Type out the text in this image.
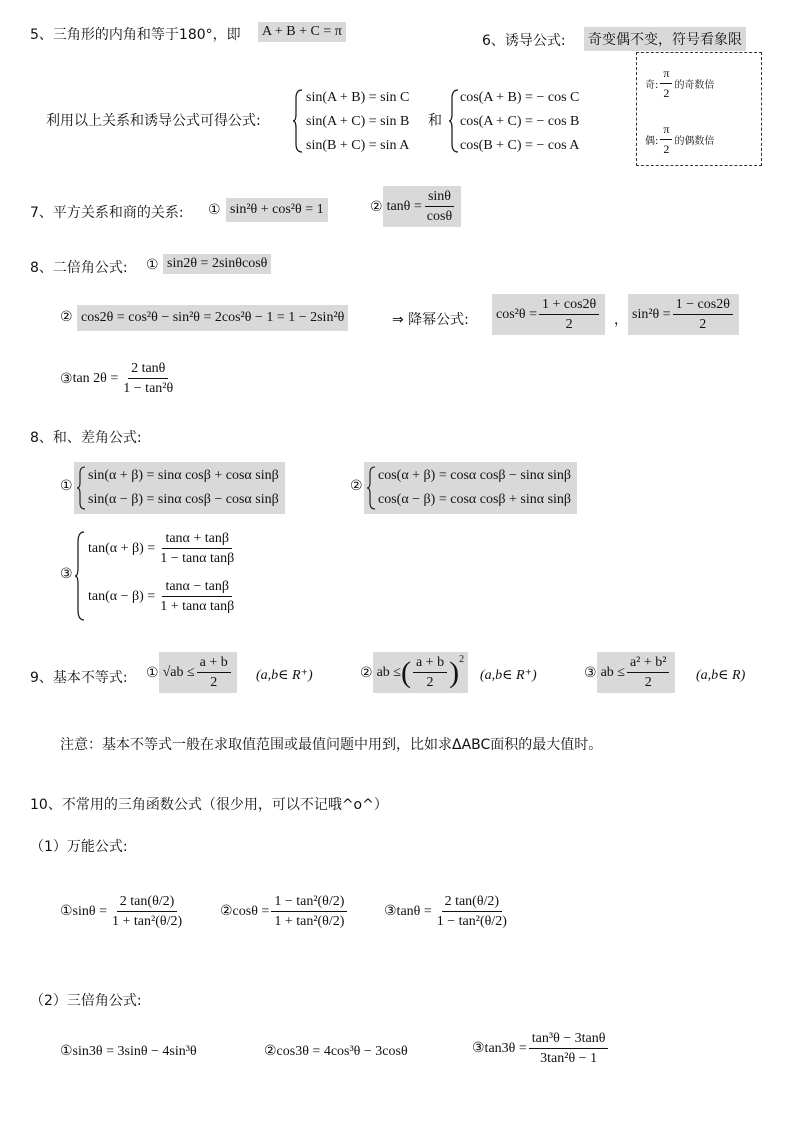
5、三角形的内角和等于180°，即 A + B + C = π
利用以上关系和诱导公式可得公式:
sin(A + B) = sin C
sin(A + C) = sin B
sin(B + C) = sin A
和
cos(A + B) = − cos C
cos(A + C) = − cos B
cos(B + C) = − cos A
6、诱导公式: 奇变偶不变，符号看象限
奇: $\frac{\pi}{2}$ 的奇数倍
偶: $\frac{\pi}{2}$ 的偶数倍
7、平方关系和商的关系: ① sin²θ + cos²θ = 1	② $\tan\theta = \frac{\sin\theta}{\cos\theta}$
8、二倍角公式: ① sin2θ = 2sinθcosθ
② cos2θ = cos²θ − sin²θ = 2cos²θ − 1 = 1 − 2sin²θ	⇒ 降幂公式: $\cos^2\theta = \frac{1 + \cos 2\theta}{2}$ ， $\sin^2\theta = \frac{1 - \cos 2\theta}{2}$
③ $\tan 2\theta = \frac{2 \tan\theta}{\text{1 − tan²θ}}$
8、和、差角公式:
①
sin(α + β) = sinα cosβ + cosα sinβ
sin(α − β) = sinα cosβ − cosα sinβ
②
cos(α + β) = cosα cosβ − sinα sinβ
cos(α − β) = cosα cosβ + sinα sinβ
③
$\tan(\alpha + \beta) = \frac{\tan\alpha + \tan\beta}{\text{1 − tanα tanβ}}$
$\tan(\alpha - \beta) = \frac{\tan\alpha - \tan\beta}{\text{1 + tanα tanβ}}$
9、基本不等式: ① $√ab \le \frac{a + b}{2}$ (a,b∈ R⁺)	② ab ≤ ( $\frac{a + b}{2} )^2$
(a,b∈ R⁺)	③ ab ≤ $\frac{\text{a² + b²}}{2}$ (a,b∈ R)
注意：基本不等式一般在求取值范围或最值问题中用到，比如求ΔABC面积的最大值时。
10、不常用的三角函数公式（很少用，可以不记哦^o^）
（1）万能公式:
①sinθ = $\frac{2 \tan(\theta/2)}{\text{1 + tan²(θ/2)}}$ ②cosθ = $\frac{\text{1 − tan²(θ/2)}}{\text{1 + tan²(θ/2)}}$	③tanθ = $\frac{2 \tan(\theta/2)}{\text{1 − tan²(θ/2)}}$
（2）三倍角公式:
①sin3θ = 3sinθ − 4sin³θ	②cos3θ = 4cos³θ − 3cosθ	③tan3θ = $\frac{\text{tan³θ − 3tanθ}}{\text{3tan²θ − 1}}$
